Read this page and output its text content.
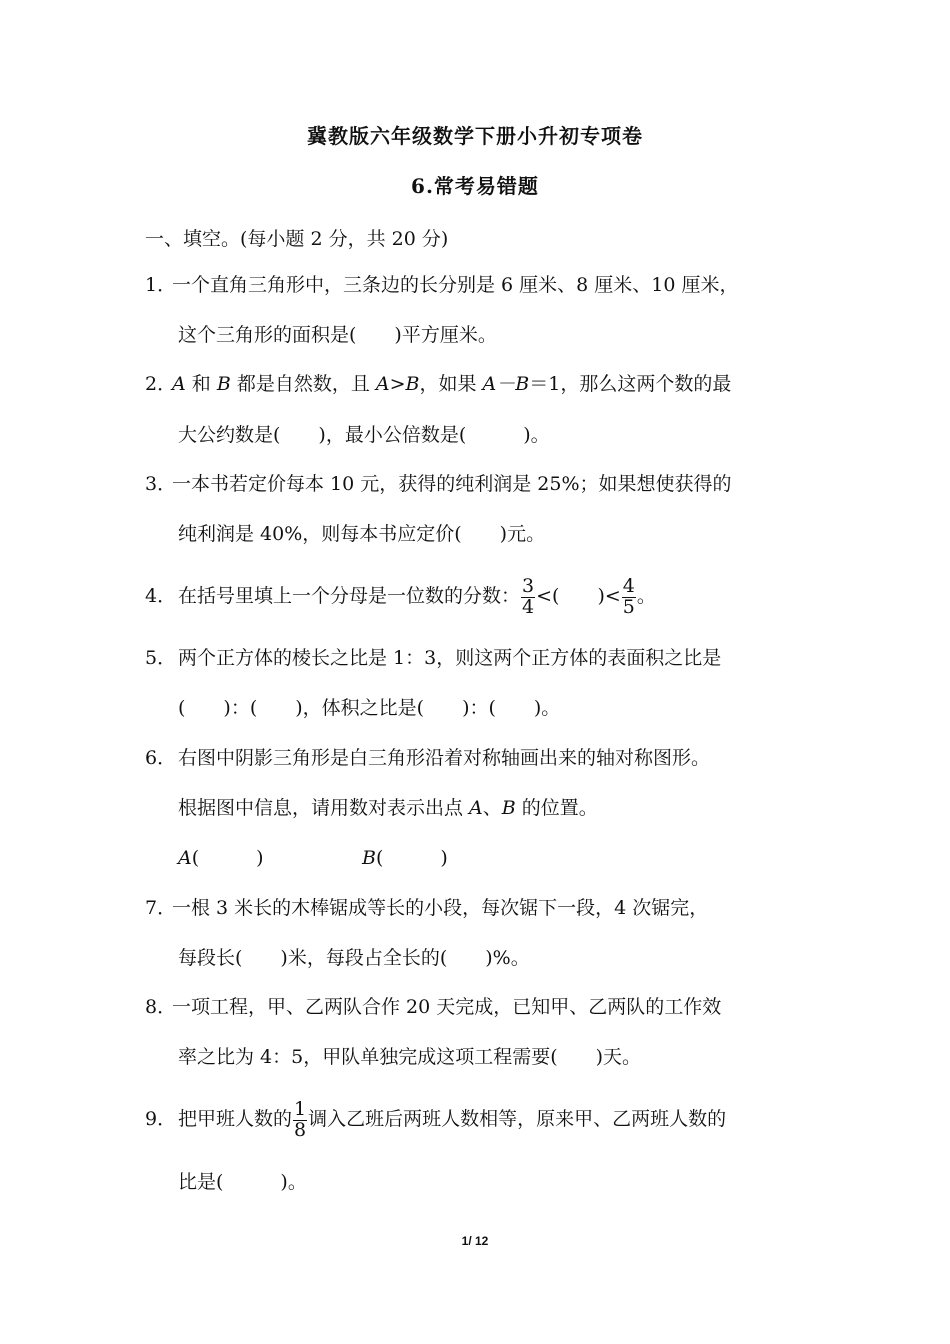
冀教版六年级数学下册小升初专项卷
6.常考易错题
一、填空。(每小题 2 分，共 20 分)
1．
一个直角三角形中，三条边的长分别是 6 厘米、8 厘米、10 厘米，
这个三角形的面积是(　　)平方厘米。
2．
A 和 B 都是自然数，且 A>B，如果 A－B＝1，那么这两个数的最
大公约数是(　　)，最小公倍数是(　　　)。
3．
一本书若定价每本 10 元，获得的纯利润是 25%；如果想使获得的
纯利润是 40%，则每本书应定价(　　)元。
4． 在括号里填上一个分母是一位数的分数： $\frac{3}{4}$ <(　　)< $\frac{4}{5}$ 。
5． 两个正方体的棱长之比是 1：3，则这两个正方体的表面积之比是
(　　)：(　　)，体积之比是(　　)：(　　)。
6． 右图中阴影三角形是白三角形沿着对称轴画出来的轴对称图形。
根据图中信息，请用数对表示出点 A、B 的位置。
A(　　　)	B(　　　)
7．
一根 3 米长的木棒锯成等长的小段，每次锯下一段，4 次锯完，
每段长(　　)米，每段占全长的(　　)%。
8．
一项工程，甲、乙两队合作 20 天完成，已知甲、乙两队的工作效
率之比为 4：5，甲队单独完成这项工程需要(　　)天。
9． 把甲班人数的 $\frac{1}{8}$ 调入乙班后两班人数相等，原来甲、乙两班人数的
比是(　　　)。
1/ 12
